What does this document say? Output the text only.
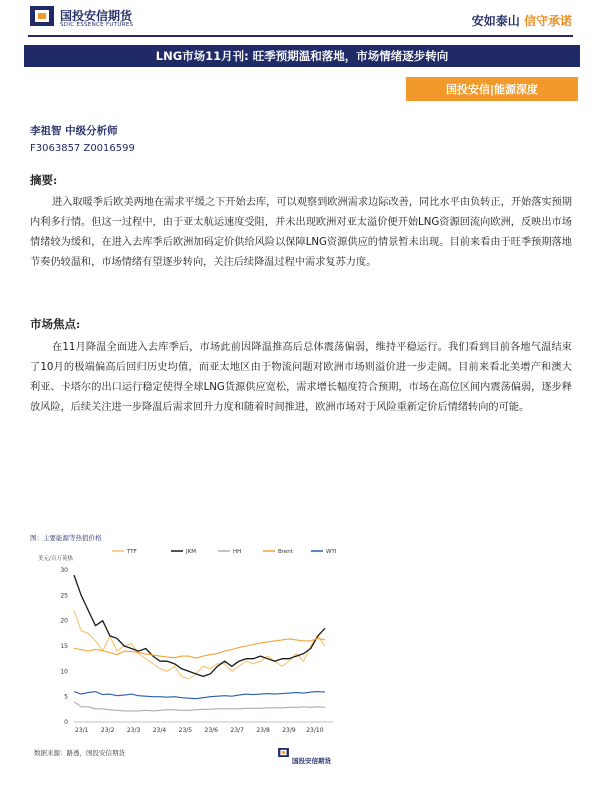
国投安信期货
SDIC ESSENCE FUTURES	安如泰山 信守承诺
LNG市场11月刊: 旺季预期温和落地，市场情绪逐步转向
国投安信|能源深度
李祖智 中级分析师
F3063857 Z0016599
摘要:
进入取暖季后欧美两地在需求平缓之下开始去库，可以观察到欧洲需求边际改善，同比水平由负转正，开始落实预期内利多行情。但这一过程中，由于亚太航运速度受阻，并未出现欧洲对亚太溢价便开始LNG资源回流向欧洲，反映出市场情绪较为缓和，在进入去库季后欧洲加码定价供给风险以保障LNG资源供应的情景暂未出现。目前来看由于旺季预期落地节奏仍较温和，市场情绪有望逐步转向，关注后续降温过程中需求复苏力度。
市场焦点:
在11月降温全面进入去库季后，市场此前因降温推高后总体震荡偏弱，维持平稳运行。我们看到目前各地气温结束了10月的极端偏高后回归历史均值，而亚太地区由于物流问题对欧洲市场则溢价进一步走阔。目前来看北美增产和澳大利亚、卡塔尔的出口运行稳定使得全球LNG货源供应宽松，需求增长幅度符合预期，市场在高位区间内震荡偏弱，逐步释放风险，后续关注进一步降温后需求回升力度和随着时间推进，欧洲市场对于风险重新定价后情绪转向的可能。
图：主要能源等热值价格
美元/百万英热
0
5
10
15
20
25
30
23/1 23/2 23/3 23/4 23/5 23/6 23/7 23/8 23/9 23/10
TTF	JKM	HH	Brent	WTI
数据来源：路透，国投安信期货
国投安信期货
